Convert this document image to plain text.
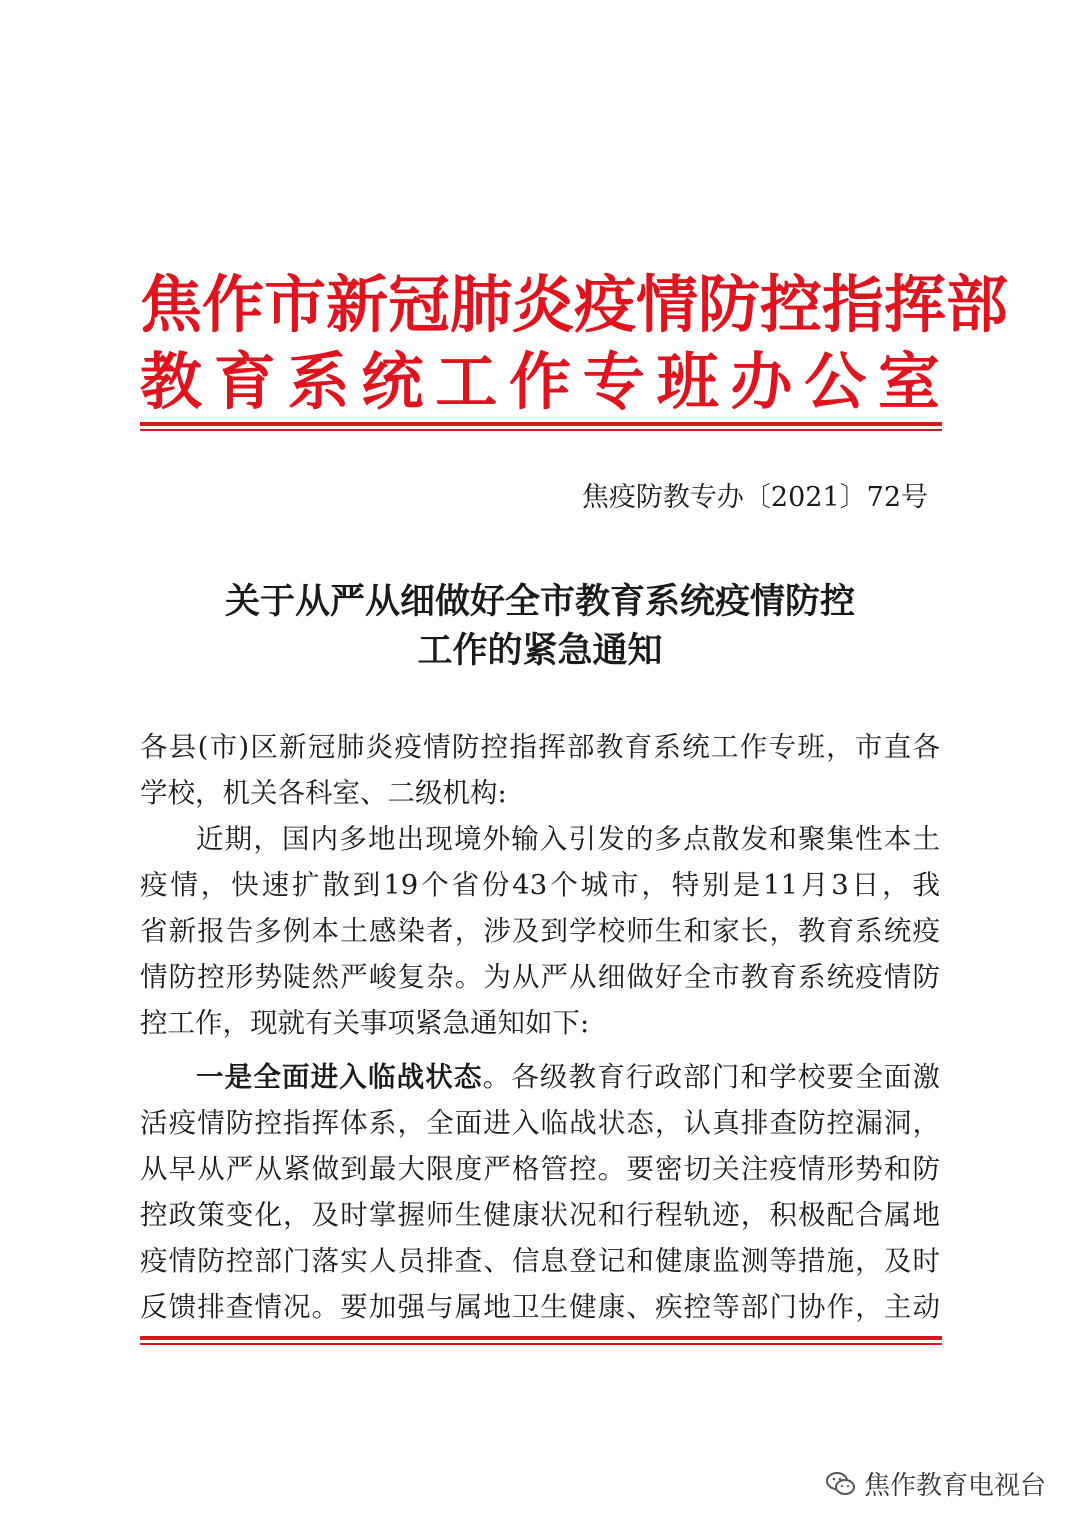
焦作市新冠肺炎疫情防控指挥部
教育系统工作专班办公室
焦疫防教专办〔2021〕72号
关于从严从细做好全市教育系统疫情防控
工作的紧急通知
各县(市)区新冠肺炎疫情防控指挥部教育系统工作专班，市直各
学校，机关各科室、二级机构:
近期，国内多地出现境外输入引发的多点散发和聚集性本土
疫情，快速扩散到19个省份43个城市，特别是11月3日，我
省新报告多例本土感染者，涉及到学校师生和家长，教育系统疫
情防控形势陡然严峻复杂。为从严从细做好全市教育系统疫情防
控工作，现就有关事项紧急通知如下:
一是全面进入临战状态。各级教育行政部门和学校要全面激
活疫情防控指挥体系，全面进入临战状态，认真排查防控漏洞，
从早从严从紧做到最大限度严格管控。要密切关注疫情形势和防
控政策变化，及时掌握师生健康状况和行程轨迹，积极配合属地
疫情防控部门落实人员排查、信息登记和健康监测等措施，及时
反馈排查情况。要加强与属地卫生健康、疾控等部门协作，主动
焦作教育电视台
